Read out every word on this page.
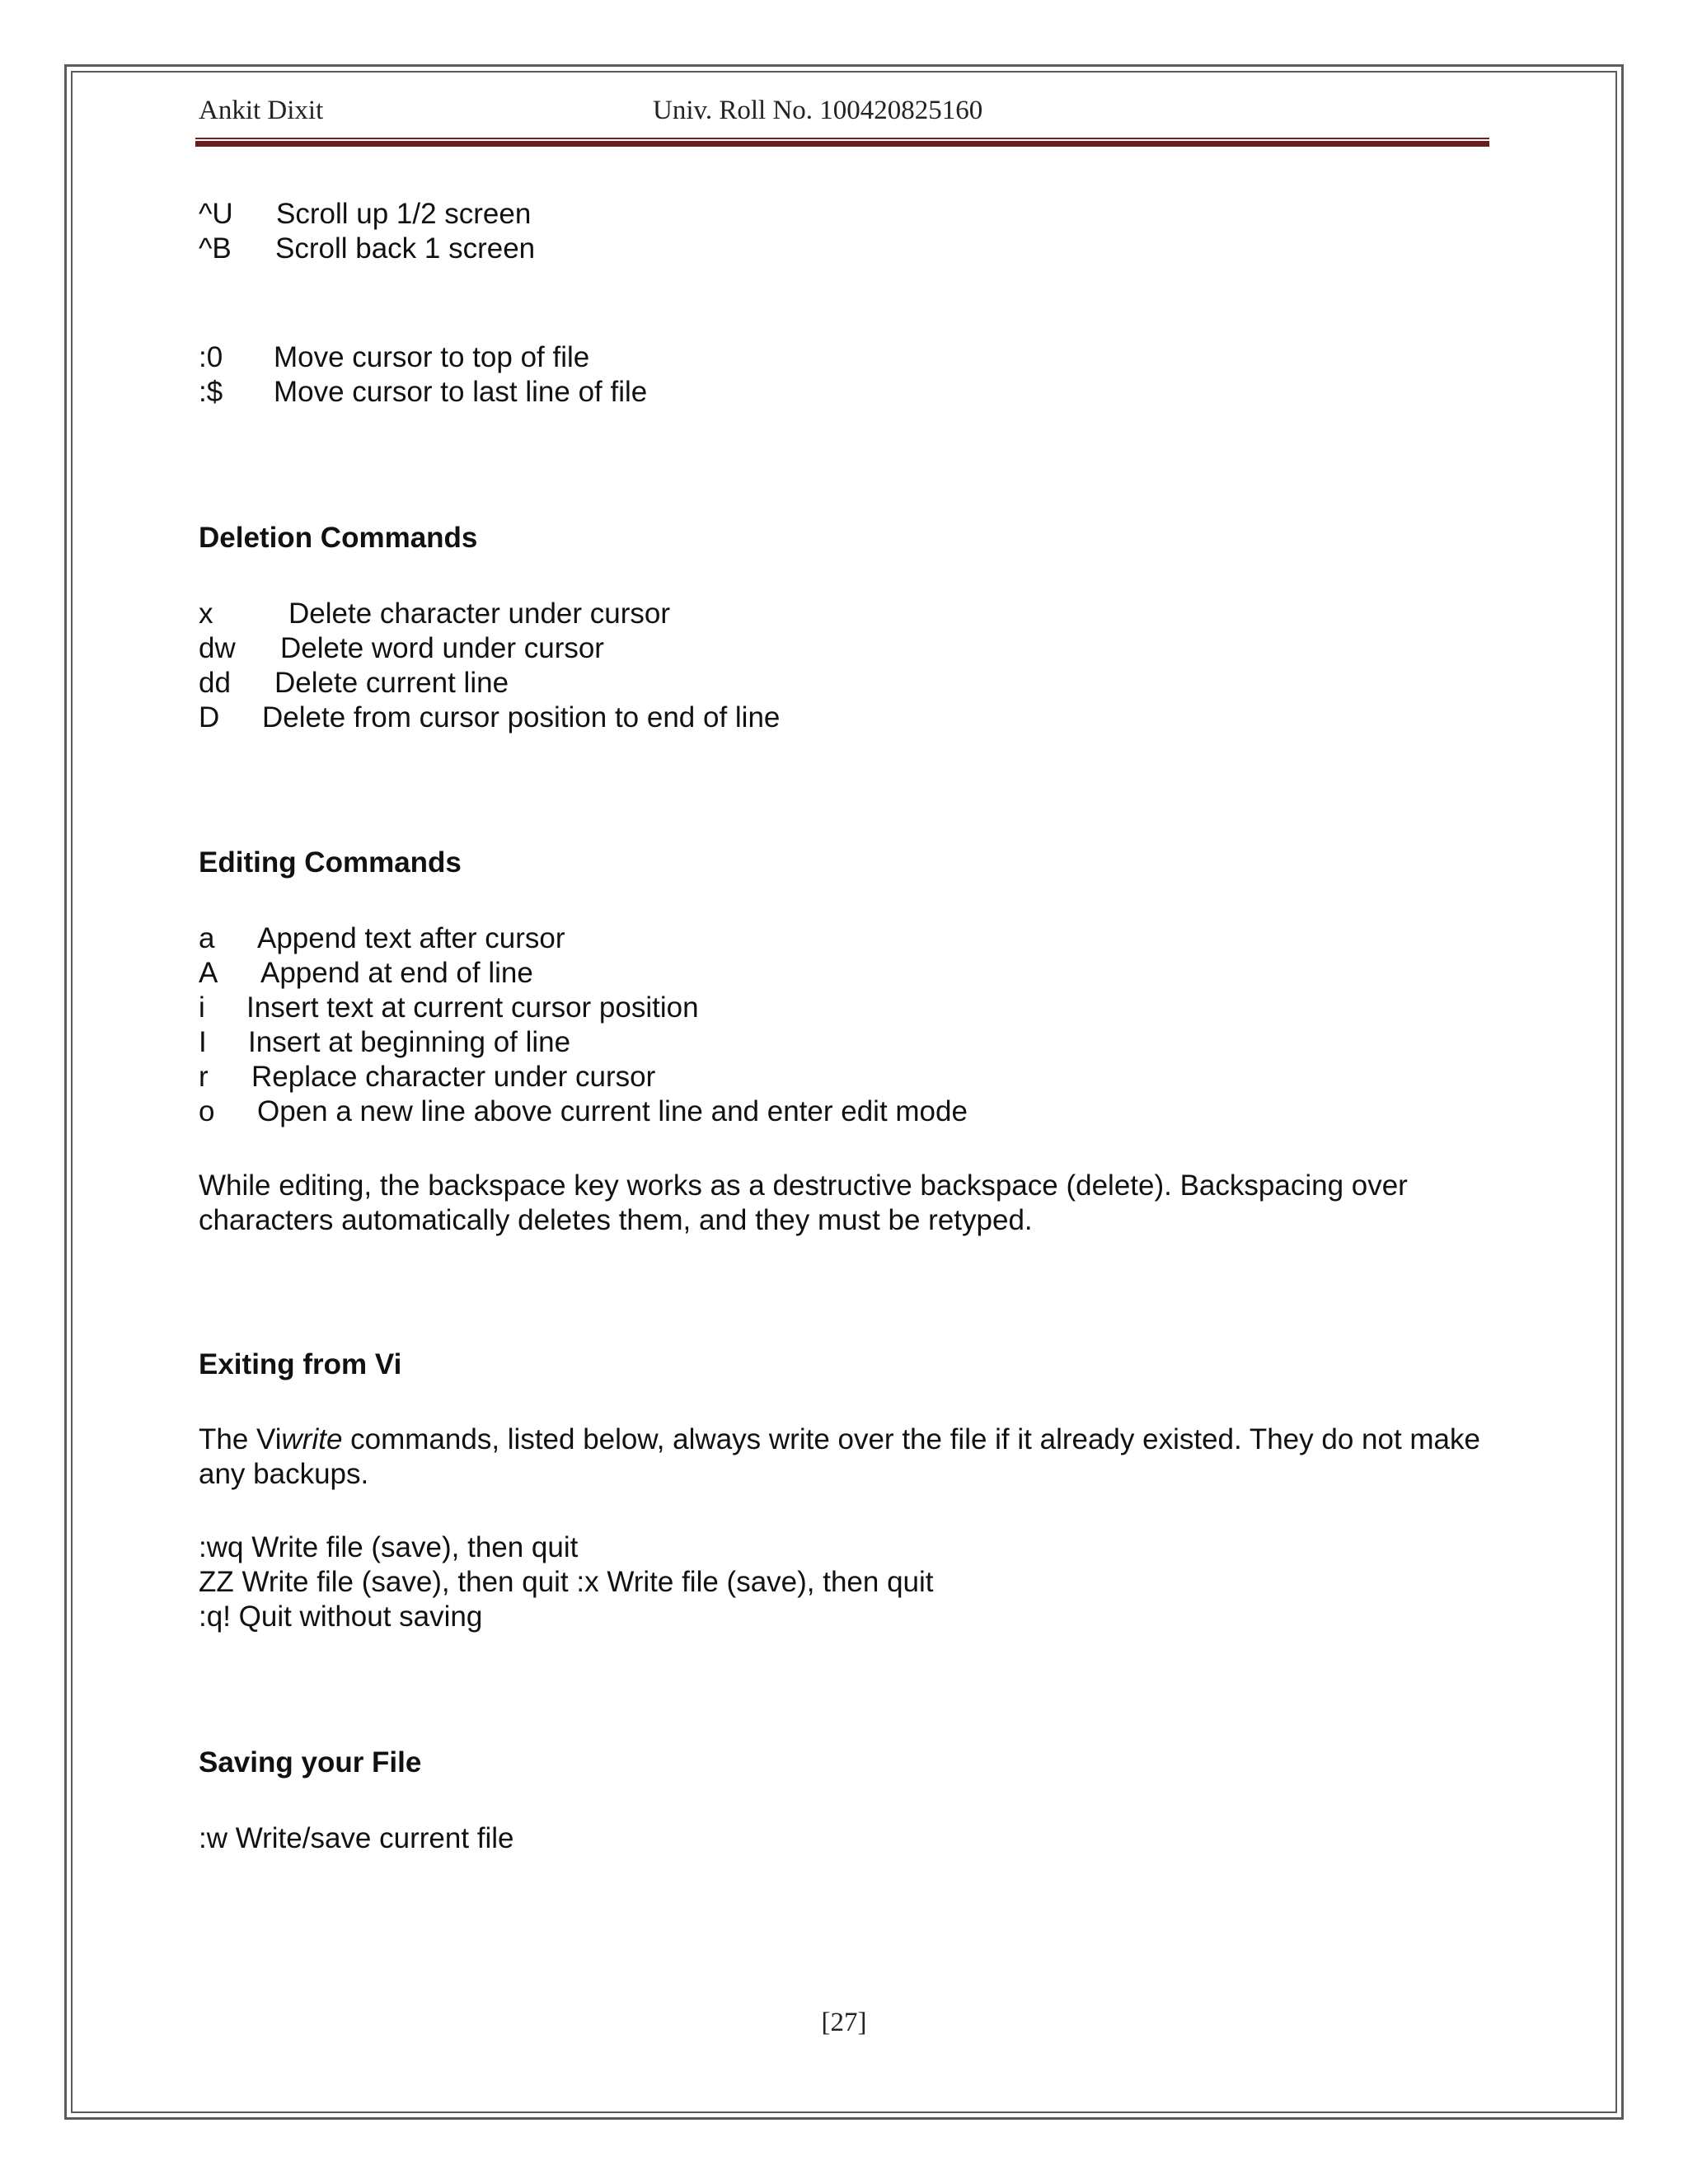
Ankit Dixit	Univ. Roll No. 100420825160
^U Scroll up 1/2 screen
^B Scroll back 1 screen
:0 Move cursor to top of file
:$ Move cursor to last line of file
Deletion Commands
x	Delete character under cursor
dw Delete word under cursor
dd Delete current line
D Delete from cursor position to end of line
Editing Commands
a Append text after cursor
A Append at end of line
i Insert text at current cursor position
I Insert at beginning of line
r Replace character under cursor
o Open a new line above current line and enter edit mode
While editing, the backspace key works as a destructive backspace (delete). Backspacing over characters automatically deletes them, and they must be retyped.
Exiting from Vi
The Viwrite commands, listed below, always write over the file if it already existed. They do not make any backups.
:wq Write file (save), then quit
ZZ Write file (save), then quit :x Write file (save), then quit
:q! Quit without saving
Saving your File
:w Write/save current file
[27]
